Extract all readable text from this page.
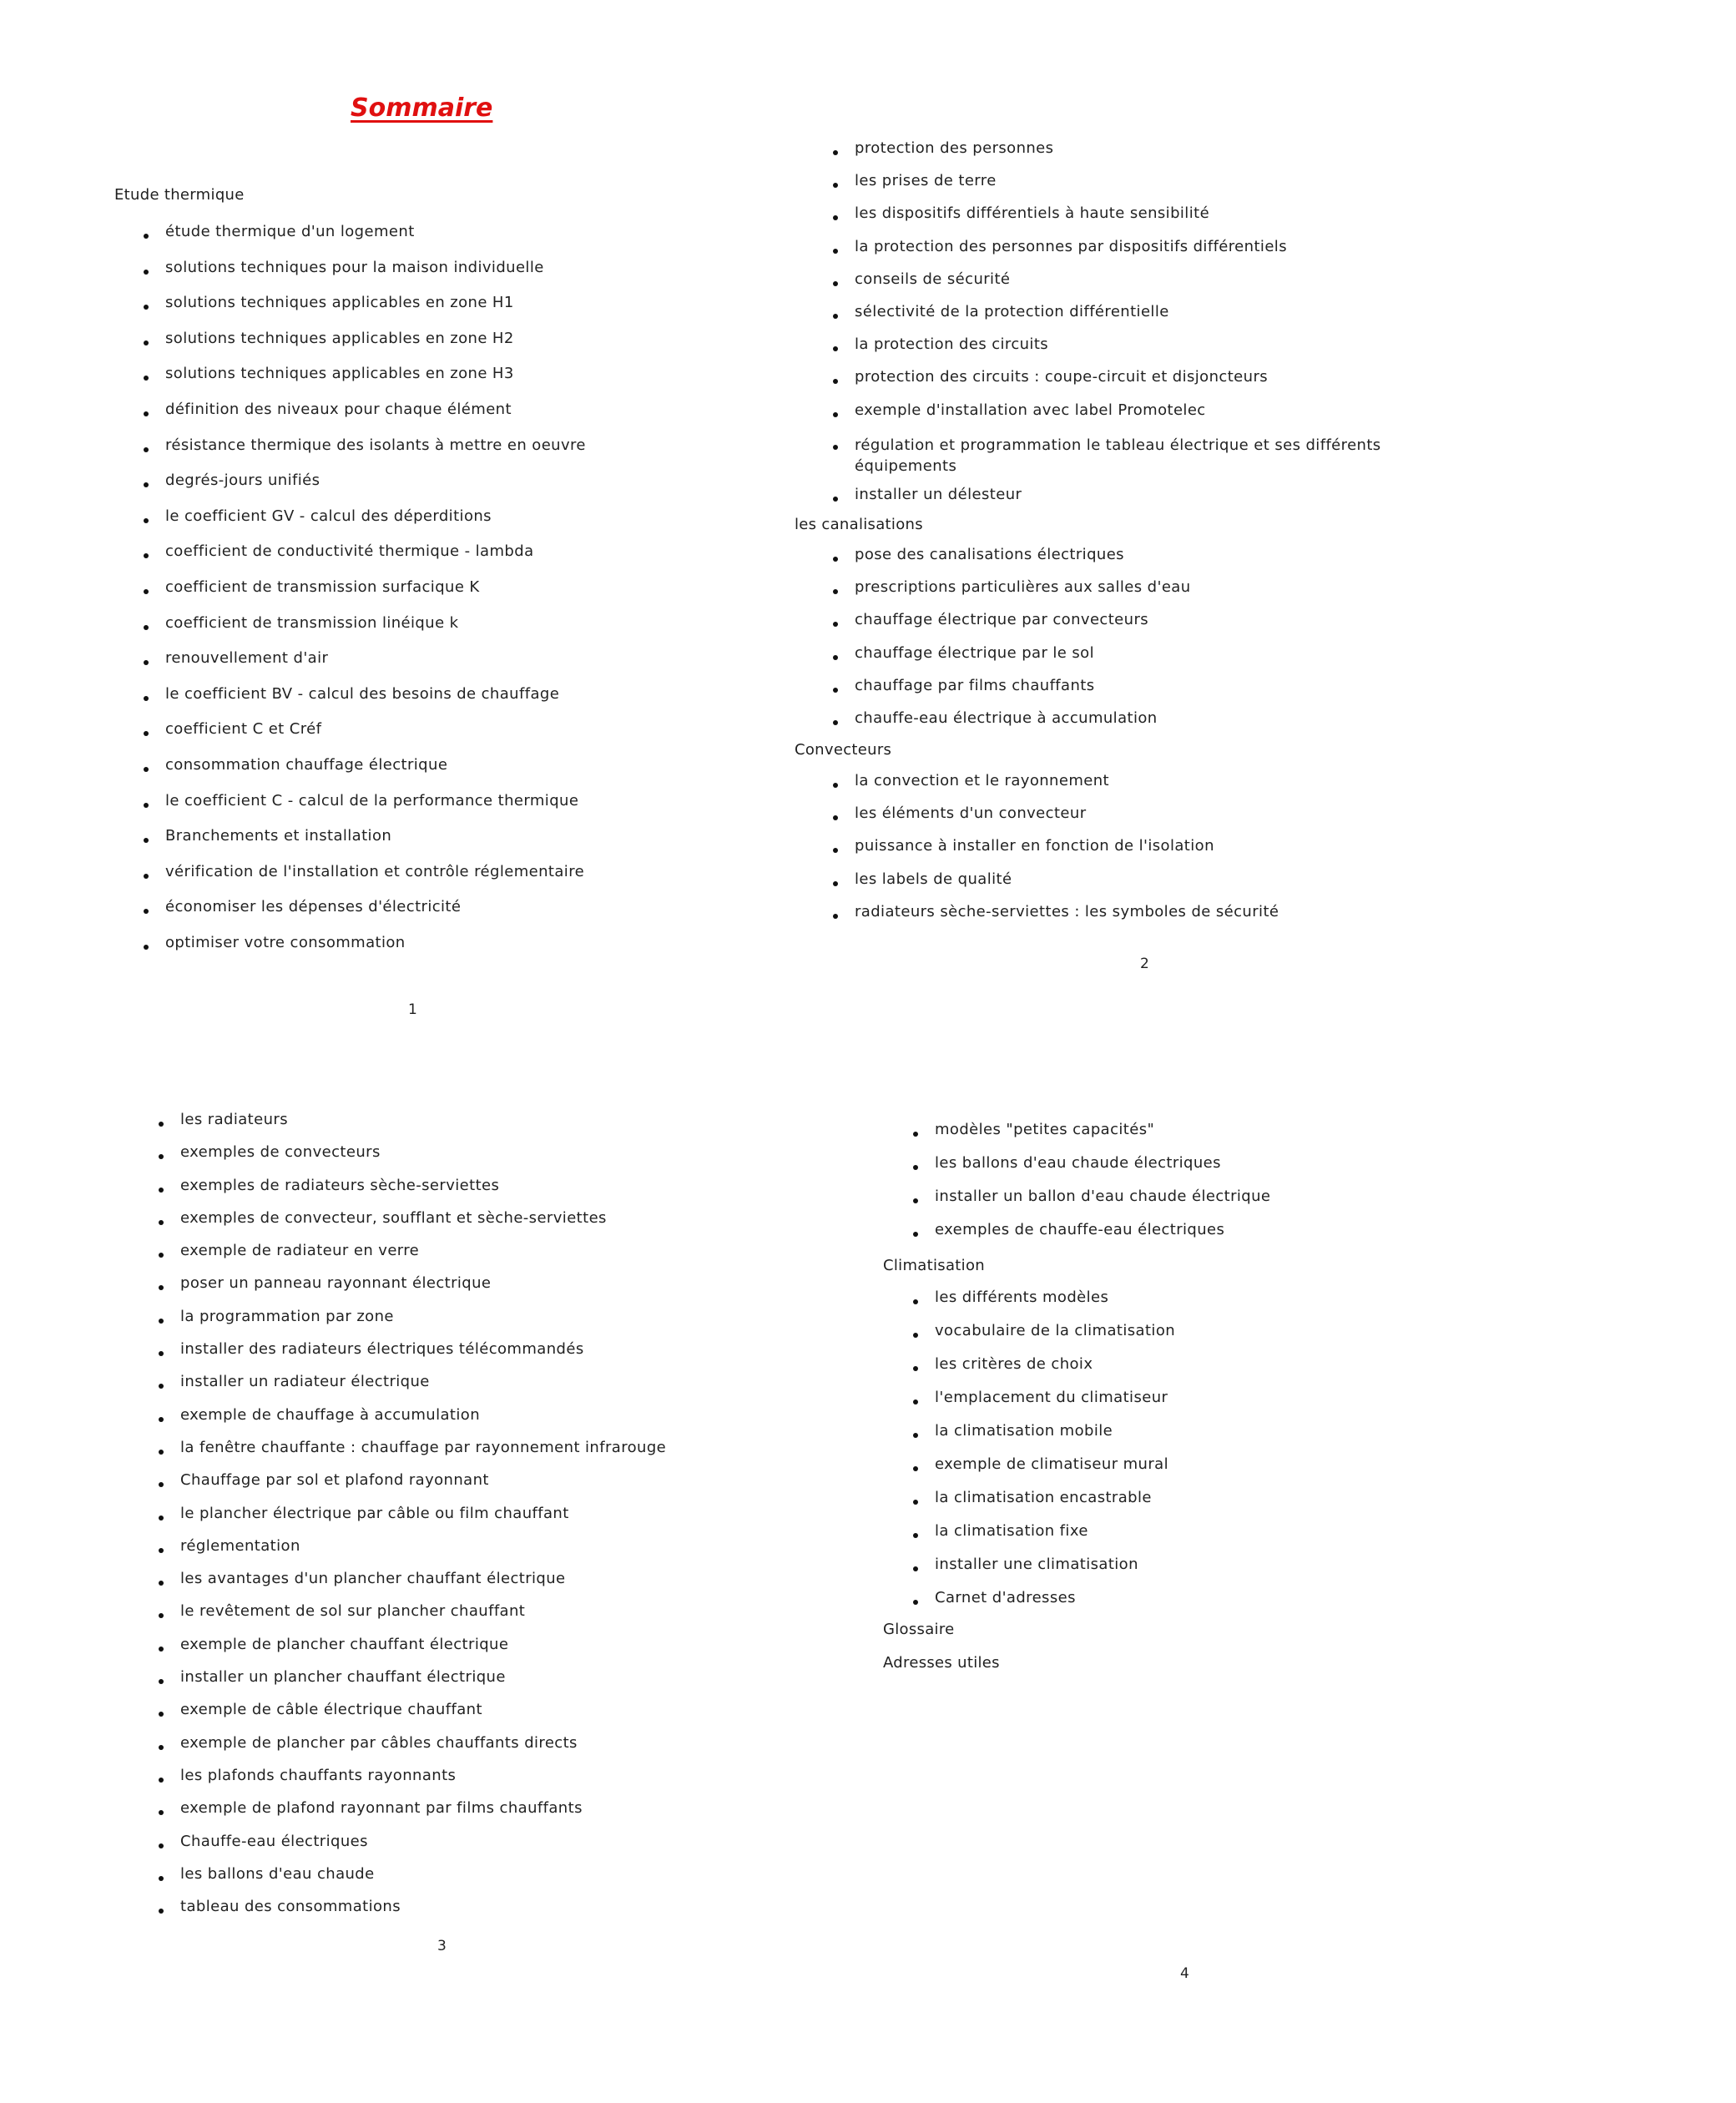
Sommaire
Etude thermique
étude thermique d'un logement
solutions techniques pour la maison individuelle
solutions techniques applicables en zone H1
solutions techniques applicables en zone H2
solutions techniques applicables en zone H3
définition des niveaux pour chaque élément
résistance thermique des isolants à mettre en oeuvre
degrés-jours unifiés
le coefficient GV - calcul des déperditions
coefficient de conductivité thermique - lambda
coefficient de transmission surfacique K
coefficient de transmission linéique k
renouvellement d'air
le coefficient BV - calcul des besoins de chauffage
coefficient C et Créf
consommation chauffage électrique
le coefficient C - calcul de la performance thermique
Branchements et installation
vérification de l'installation et contrôle réglementaire
économiser les dépenses d'électricité
optimiser votre consommation
1
protection des personnes
les prises de terre
les dispositifs différentiels à haute sensibilité
la protection des personnes par dispositifs différentiels
conseils de sécurité
sélectivité de la protection différentielle
la protection des circuits
protection des circuits : coupe-circuit et disjoncteurs
exemple d'installation avec label Promotelec
régulation et programmation le tableau électrique et ses différents équipements
installer un délesteur
les canalisations
pose des canalisations électriques
prescriptions particulières aux salles d'eau
chauffage électrique par convecteurs
chauffage électrique par le sol
chauffage par films chauffants
chauffe-eau électrique à accumulation
Convecteurs
la convection et le rayonnement
les éléments d'un convecteur
puissance à installer en fonction de l'isolation
les labels de qualité
radiateurs sèche-serviettes : les symboles de sécurité
2
les radiateurs
exemples de convecteurs
exemples de radiateurs sèche-serviettes
exemples de convecteur, soufflant et sèche-serviettes
exemple de radiateur en verre
poser un panneau rayonnant électrique
la programmation par zone
installer des radiateurs électriques télécommandés
installer un radiateur électrique
exemple de chauffage à accumulation
la fenêtre chauffante : chauffage par rayonnement infrarouge
Chauffage par sol et plafond rayonnant
le plancher électrique par câble ou film chauffant
réglementation
les avantages d'un plancher chauffant électrique
le revêtement de sol sur plancher chauffant
exemple de plancher chauffant électrique
installer un plancher chauffant électrique
exemple de câble électrique chauffant
exemple de plancher par câbles chauffants directs
les plafonds chauffants rayonnants
exemple de plafond rayonnant par films chauffants
Chauffe-eau électriques
les ballons d'eau chaude
tableau des consommations
3
modèles "petites capacités"
les ballons d'eau chaude électriques
installer un ballon d'eau chaude électrique
exemples de chauffe-eau électriques
Climatisation
les différents modèles
vocabulaire de la climatisation
les critères de choix
l'emplacement du climatiseur
la climatisation mobile
exemple de climatiseur mural
la climatisation encastrable
la climatisation fixe
installer une climatisation
Carnet d'adresses
Glossaire
Adresses utiles
4
